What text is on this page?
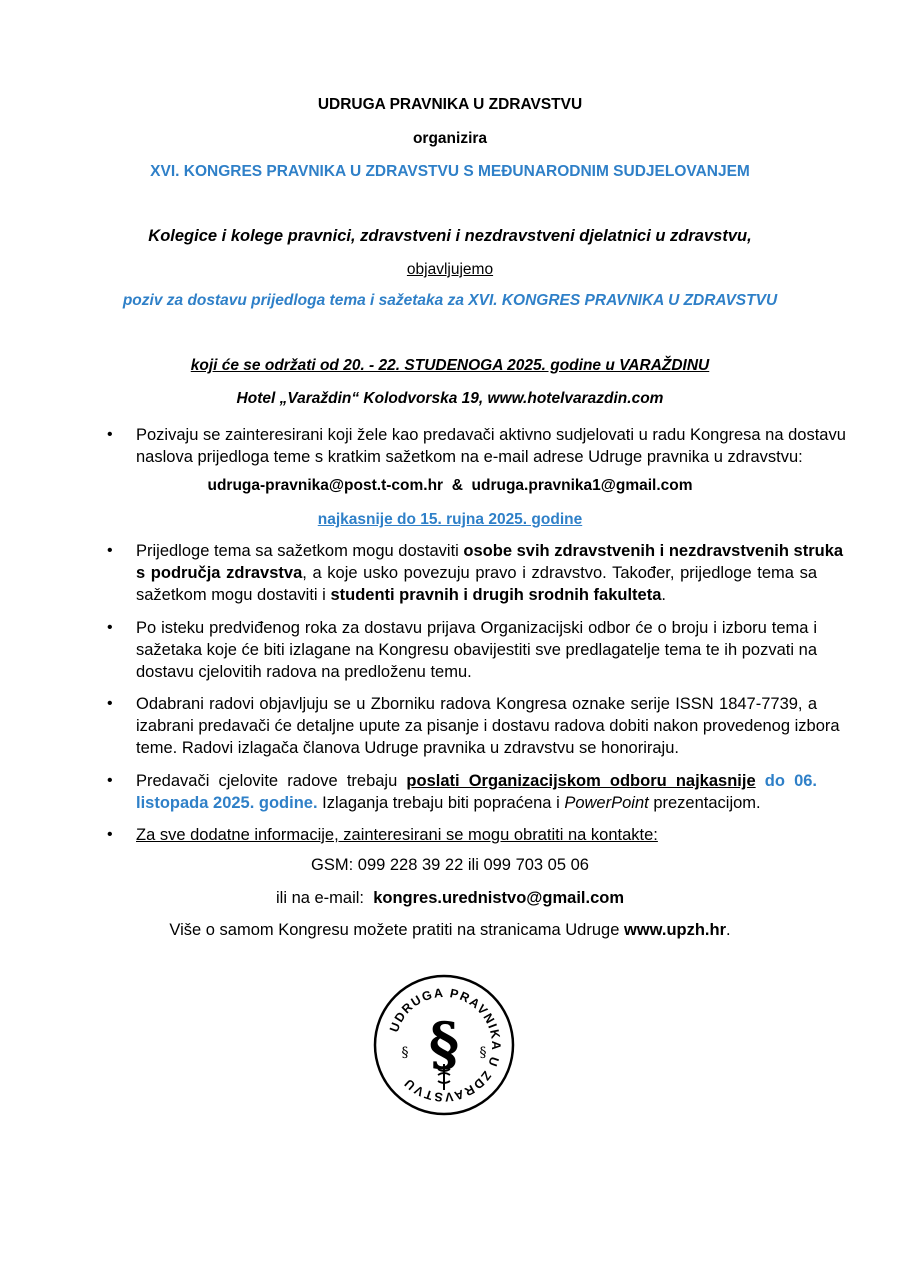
UDRUGA PRAVNIKA U ZDRAVSTVU
organizira
XVI. KONGRES PRAVNIKA U ZDRAVSTVU S MEĐUNARODNIM SUDJELOVANJEM
Kolegice i kolege pravnici, zdravstveni i nezdravstveni djelatnici u zdravstvu,
objavljujemo
poziv za dostavu prijedloga tema i sažetaka za XVI. KONGRES PRAVNIKA U ZDRAVSTVU
koji će se održati od 20. - 22. STUDENOGA 2025. godine u VARAŽDINU
Hotel „Varaždin“ Kolodvorska 19, www.hotelvarazdin.com
• Pozivaju se zainteresirani koji žele kao predavači aktivno sudjelovati u radu Kongresa na dostavu
naslova prijedloga teme s kratkim sažetkom na e-mail adrese Udruge pravnika u zdravstvu:
udruga-pravnika@post.t-com.hr & udruga.pravnika1@gmail.com
najkasnije do 15. rujna 2025. godine
• Prijedloge tema sa sažetkom mogu dostaviti osobe svih zdravstvenih i nezdravstvenih struka
s područja zdravstva, a koje usko povezuju pravo i zdravstvo. Također, prijedloge tema sa
sažetkom mogu dostaviti i studenti pravnih i drugih srodnih fakulteta.
• Po isteku predviđenog roka za dostavu prijava Organizacijski odbor će o broju i izboru tema i
sažetaka koje će biti izlagane na Kongresu obavijestiti sve predlagatelje tema te ih pozvati na
dostavu cjelovitih radova na predloženu temu.
• Odabrani radovi objavljuju se u Zborniku radova Kongresa oznake serije ISSN 1847-7739, a
izabrani predavači će detaljne upute za pisanje i dostavu radova dobiti nakon provedenog izbora
teme. Radovi izlagača članova Udruge pravnika u zdravstvu se honoriraju.
• Predavači cjelovite radove trebaju poslati Organizacijskom odboru najkasnije do 06.
listopada 2025. godine. Izlaganja trebaju biti popraćena i PowerPoint prezentacijom.
• Za sve dodatne informacije, zainteresirani se mogu obratiti na kontakte:
GSM: 099 228 39 22 ili 099 703 05 06
ili na e-mail: kongres.urednistvo@gmail.com
Više o samom Kongresu možete pratiti na stranicama Udruge www.upzh.hr.
UDRUGA PRAVNIKA U ZDRAVSTVU
§
§	§
